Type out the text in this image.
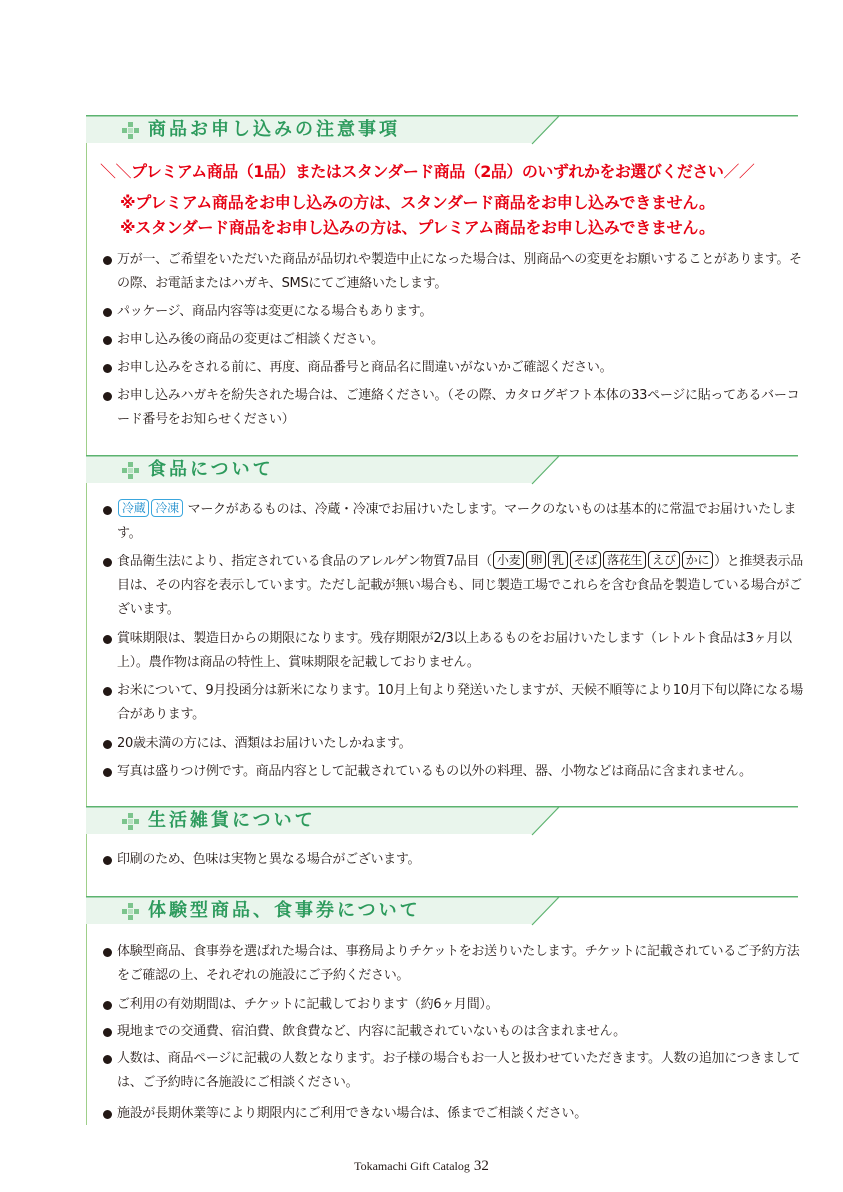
商品お申し込みの注意事項
＼＼プレミアム商品（1品）またはスタンダード商品（2品）のいずれかをお選びください／／
※プレミアム商品をお申し込みの方は、スタンダード商品をお申し込みできません。
※スタンダード商品をお申し込みの方は、プレミアム商品をお申し込みできません。
万が一、ご希望をいただいた商品が品切れや製造中止になった場合は、別商品への変更をお願いすることがあります。その際、お電話またはハガキ、SMSにてご連絡いたします。
パッケージ、商品内容等は変更になる場合もあります。
お申し込み後の商品の変更はご相談ください。
お申し込みをされる前に、再度、商品番号と商品名に間違いがないかご確認ください。
お申し込みハガキを紛失された場合は、ご連絡ください。（その際、カタログギフト本体の33ページに貼ってあるバーコード番号をお知らせください）
食品について
冷蔵 冷凍 マークがあるものは、冷蔵・冷凍でお届けいたします。マークのないものは基本的に常温でお届けいたします。
食品衛生法により、指定されている食品のアレルゲン物質7品目（ 小麦 卵 乳 そば 落花生 えび かに ）と推奨表示品目は、その内容を表示しています。ただし記載が無い場合も、同じ製造工場でこれらを含む食品を製造している場合がございます。
賞味期限は、製造日からの期限になります。残存期限が2/3以上あるものをお届けいたします（レトルト食品は3ヶ月以上）。農作物は商品の特性上、賞味期限を記載しておりません。
お米について、9月投函分は新米になります。10月上旬より発送いたしますが、天候不順等により10月下旬以降になる場合があります。
20歳未満の方には、酒類はお届けいたしかねます。
写真は盛りつけ例です。商品内容として記載されているもの以外の料理、器、小物などは商品に含まれません。
生活雑貨について
印刷のため、色味は実物と異なる場合がございます。
体験型商品、食事券について
体験型商品、食事券を選ばれた場合は、事務局よりチケットをお送りいたします。チケットに記載されているご予約方法をご確認の上、それぞれの施設にご予約ください。
ご利用の有効期間は、チケットに記載しております（約6ヶ月間）。
現地までの交通費、宿泊費、飲食費など、内容に記載されていないものは含まれません。
人数は、商品ページに記載の人数となります。お子様の場合もお一人と扱わせていただきます。人数の追加につきましては、ご予約時に各施設にご相談ください。
施設が長期休業等により期限内にご利用できない場合は、係までご相談ください。
Tokamachi Gift Catalog 32
